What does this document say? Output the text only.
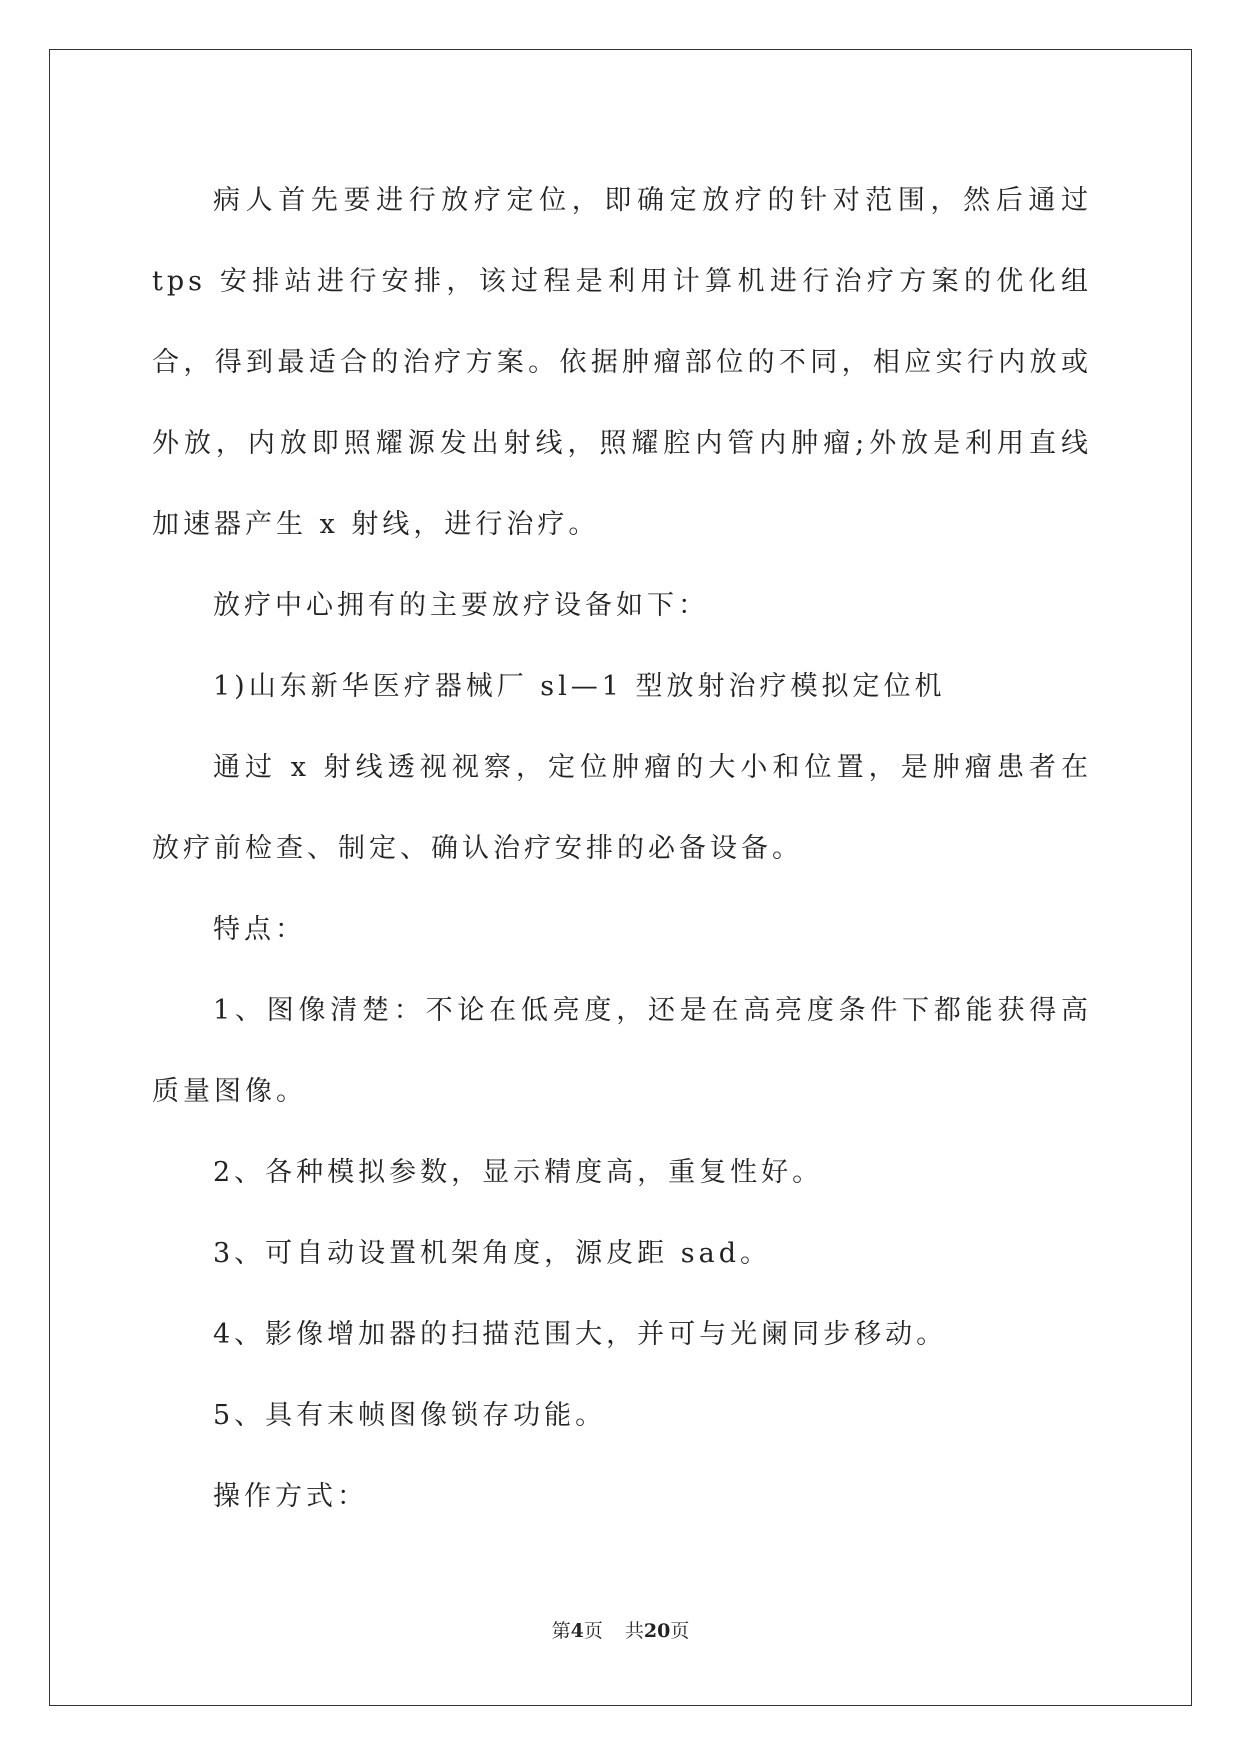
病人首先要进行放疗定位，即确定放疗的针对范围，然后通过 tps 安排站进行安排，该过程是利用计算机进行治疗方案的优化组合，得到最适合的治疗方案。依据肿瘤部位的不同，相应实行内放或外放，内放即照耀源发出射线，照耀腔内管内肿瘤;外放是利用直线加速器产生 x 射线，进行治疗。

放疗中心拥有的主要放疗设备如下：

1)山东新华医疗器械厂 sl—1 型放射治疗模拟定位机

通过 x 射线透视视察，定位肿瘤的大小和位置，是肿瘤患者在放疗前检查、制定、确认治疗安排的必备设备。

特点：

1、图像清楚：不论在低亮度，还是在高亮度条件下都能获得高质量图像。

2、各种模拟参数，显示精度高，重复性好。

3、可自动设置机架角度，源皮距 sad。

4、影像增加器的扫描范围大，并可与光阑同步移动。

5、具有末帧图像锁存功能。

操作方式：

第4页 共20页
